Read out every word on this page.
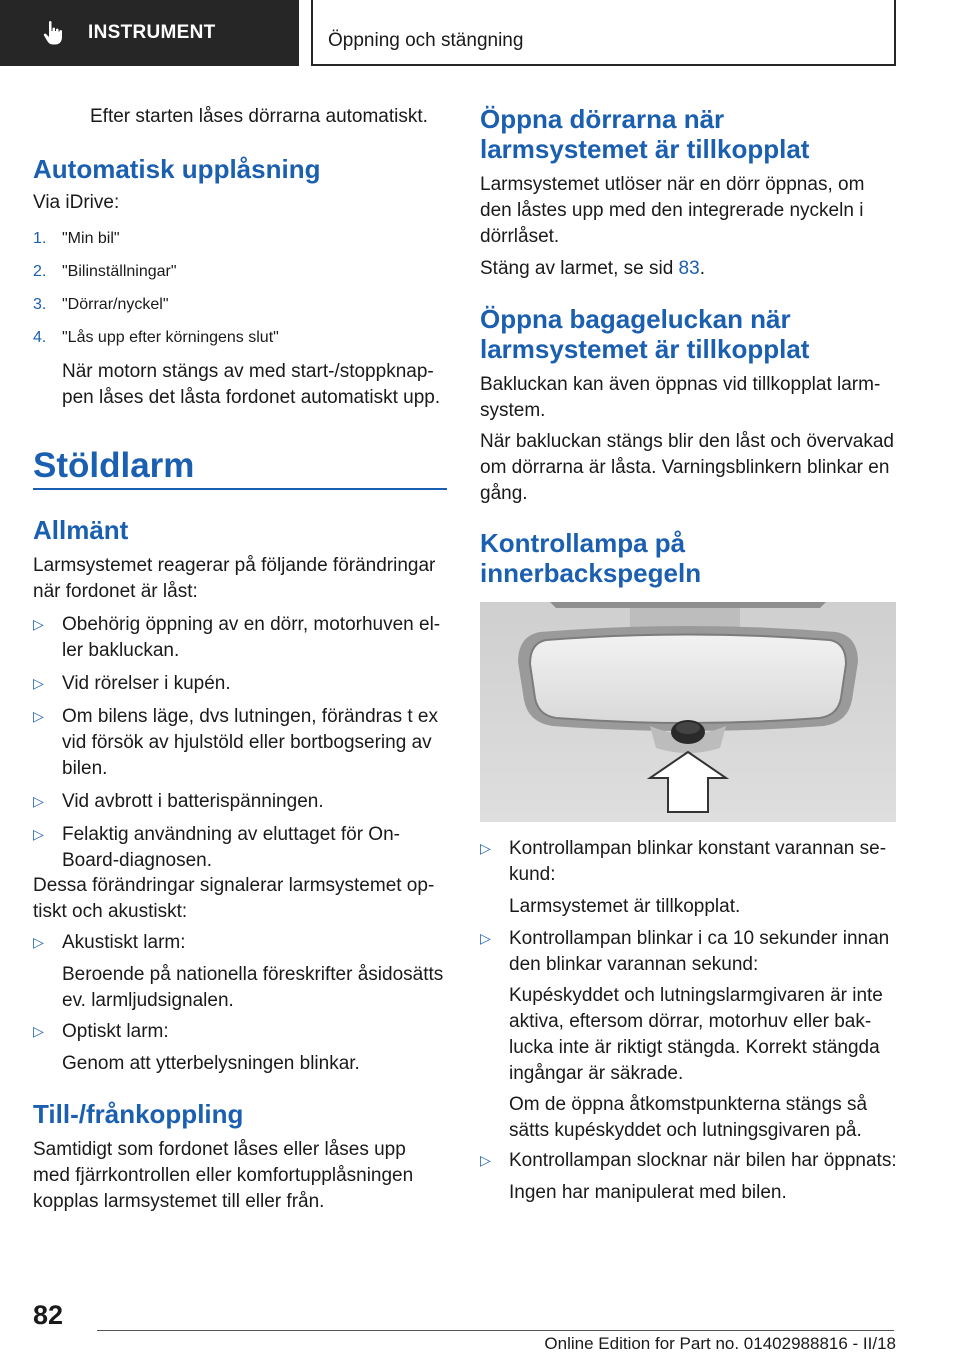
INSTRUMENT	Öppning och stängning

Efter starten låses dörrarna automatiskt.

Automatisk upplåsning

Via iDrive:

1. "Min bil"
2. "Bilinställningar"
3. "Dörrar/nyckel"
4. "Lås upp efter körningens slut"

När motorn stängs av med start-/stoppknap-

pen låses det låsta fordonet automatiskt upp.

Stöldlarm
Allmänt

Larmsystemet reagerar på följande förändringar

när fordonet är låst:

▷ Obehörig öppning av en dörr, motorhuven el-

ler bakluckan.

▷ Vid rörelser i kupén.

▷ Om bilens läge, dvs lutningen, förändras t ex

vid försök av hjulstöld eller bortbogsering av

bilen.

▷ Vid avbrott i batterispänningen.

▷ Felaktig användning av eluttaget för On-

Board-diagnosen.

Dessa förändringar signalerar larmsystemet op-

tiskt och akustiskt:

▷ Akustiskt larm:

Beroende på nationella föreskrifter åsidosätts

ev. larmljudsignalen.

▷ Optiskt larm:

Genom att ytterbelysningen blinkar.

Till-/frånkoppling

Samtidigt som fordonet låses eller låses upp

med fjärrkontrollen eller komfortupplåsningen

kopplas larmsystemet till eller från.

Öppna dörrarna när
larmsystemet är tillkopplat

Larmsystemet utlöser när en dörr öppnas, om

den låstes upp med den integrerade nyckeln i

dörrlåset.

Stäng av larmet, se sid 83.

Öppna bagageluckan när
larmsystemet är tillkopplat

Bakluckan kan även öppnas vid tillkopplat larm-

system.

När bakluckan stängs blir den låst och övervakad

om dörrarna är låsta. Varningsblinkern blinkar en

gång.

Kontrollampa på
innerbackspegeln
▷ Kontrollampan blinkar konstant varannan se-

kund:

Larmsystemet är tillkopplat.

▷ Kontrollampan blinkar i ca 10 sekunder innan

den blinkar varannan sekund:

Kupéskyddet och lutningslarmgivaren är inte

aktiva, eftersom dörrar, motorhuv eller bak-

lucka inte är riktigt stängda. Korrekt stängda

ingångar är säkrade.

Om de öppna åtkomstpunkterna stängs så

sätts kupéskyddet och lutningsgivaren på.

▷ Kontrollampan slocknar när bilen har öppnats:

Ingen har manipulerat med bilen.

82
Online Edition for Part no. 01402988816 - II/18
